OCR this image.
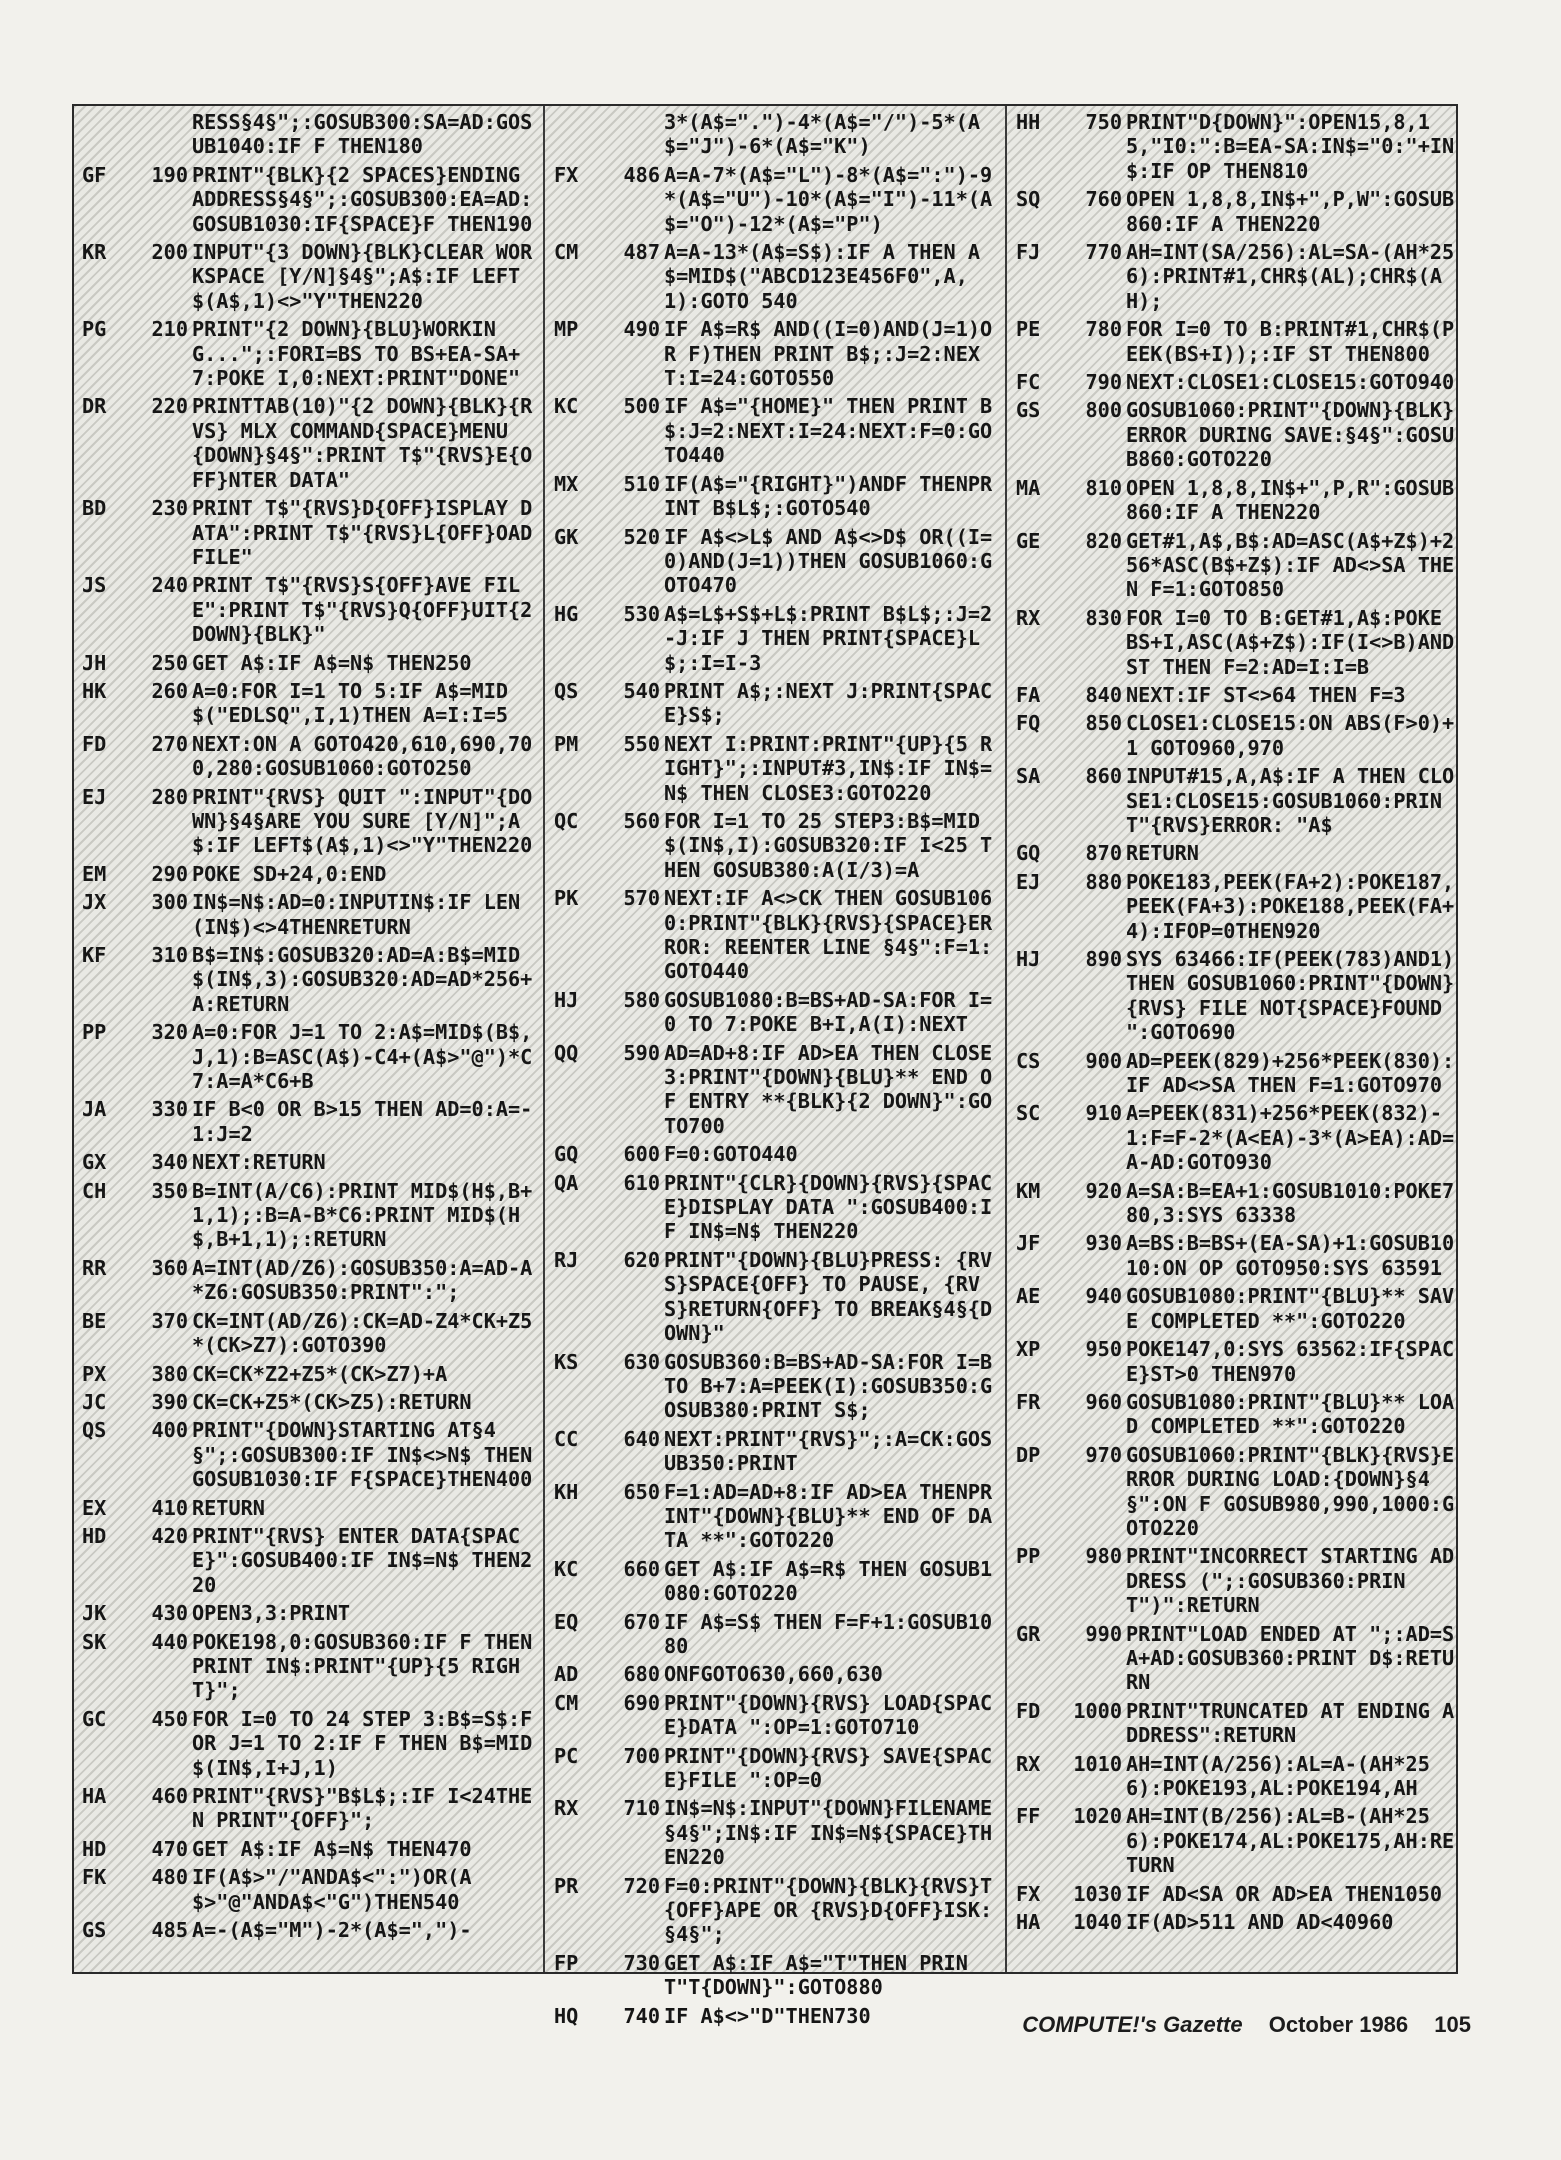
RESS§4§";:GOSUB300:SA=AD:GOSUB1040:IF F THEN180
GF	190 PRINT"{BLK}{2 SPACES}ENDING ADDRESS§4§";:GOSUB300:EA=AD:GOSUB1030:IF{SPACE}F THEN190
KR	200 INPUT"{3 DOWN}{BLK}CLEAR WORKSPACE [Y/N]§4§";A$:IF LEFT$(A$,1)<>"Y"THEN220
PG	210 PRINT"{2 DOWN}{BLU}WORKING...";:FORI=BS TO BS+EA-SA+7:POKE I,0:NEXT:PRINT"DONE"
DR	220 PRINTTAB(10)"{2 DOWN}{BLK}{RVS} MLX COMMAND{SPACE}MENU {DOWN}§4§":PRINT T$"{RVS}E{OFF}NTER DATA"
BD	230 PRINT T$"{RVS}D{OFF}ISPLAY DATA":PRINT T$"{RVS}L{OFF}OAD FILE"
JS	240 PRINT T$"{RVS}S{OFF}AVE FILE":PRINT T$"{RVS}Q{OFF}UIT{2 DOWN}{BLK}"
JH	250 GET A$:IF A$=N$ THEN250
HK	260 A=0:FOR I=1 TO 5:IF A$=MID$("EDLSQ",I,1)THEN A=I:I=5
FD	270 NEXT:ON A GOTO420,610,690,700,280:GOSUB1060:GOTO250
EJ	280 PRINT"{RVS} QUIT ":INPUT"{DOWN}§4§ARE YOU SURE [Y/N]";A$:IF LEFT$(A$,1)<>"Y"THEN220
EM	290 POKE SD+24,0:END
JX	300 IN$=N$:AD=0:INPUTIN$:IF LEN(IN$)<>4THENRETURN
KF	310 B$=IN$:GOSUB320:AD=A:B$=MID$(IN$,3):GOSUB320:AD=AD*256+A:RETURN
PP	320 A=0:FOR J=1 TO 2:A$=MID$(B$,J,1):B=ASC(A$)-C4+(A$>"@")*C7:A=A*C6+B
JA	330 IF B<0 OR B>15 THEN AD=0:A=-1:J=2
GX	340 NEXT:RETURN
CH	350 B=INT(A/C6):PRINT MID$(H$,B+1,1);:B=A-B*C6:PRINT MID$(H$,B+1,1);:RETURN
RR	360 A=INT(AD/Z6):GOSUB350:A=AD-A*Z6:GOSUB350:PRINT":";
BE	370 CK=INT(AD/Z6):CK=AD-Z4*CK+Z5*(CK>Z7):GOTO390
PX	380 CK=CK*Z2+Z5*(CK>Z7)+A
JC	390 CK=CK+Z5*(CK>Z5):RETURN
QS	400 PRINT"{DOWN}STARTING AT§4§";:GOSUB300:IF IN$<>N$ THEN GOSUB1030:IF F{SPACE}THEN400
EX	410 RETURN
HD	420 PRINT"{RVS} ENTER DATA{SPACE}":GOSUB400:IF IN$=N$ THEN220
JK	430 OPEN3,3:PRINT
SK	440 POKE198,0:GOSUB360:IF F THEN PRINT IN$:PRINT"{UP}{5 RIGHT}";
GC	450 FOR I=0 TO 24 STEP 3:B$=S$:FOR J=1 TO 2:IF F THEN B$=MID$(IN$,I+J,1)
HA	460 PRINT"{RVS}"B$L$;:IF I<24THEN PRINT"{OFF}";
HD	470 GET A$:IF A$=N$ THEN470
FK	480 IF(A$>"/"ANDA$<":")OR(A$>"@"ANDA$<"G")THEN540
GS	485 A=-(A$="M")-2*(A$=",")-
3*(A$=".")-4*(A$="/")-5*(A$="J")-6*(A$="K")
FX	486 A=A-7*(A$="L")-8*(A$=":")-9*(A$="U")-10*(A$="I")-11*(A$="O")-12*(A$="P")
CM	487 A=A-13*(A$=S$):IF A THEN A$=MID$("ABCD123E456F0",A,1):GOTO 540
MP	490 IF A$=R$ AND((I=0)AND(J=1)OR F)THEN PRINT B$;:J=2:NEXT:I=24:GOTO550
KC	500 IF A$="{HOME}" THEN PRINT B$:J=2:NEXT:I=24:NEXT:F=0:GOTO440
MX	510 IF(A$="{RIGHT}")ANDF THENPRINT B$L$;:GOTO540
GK	520 IF A$<>L$ AND A$<>D$ OR((I=0)AND(J=1))THEN GOSUB1060:GOTO470
HG	530 A$=L$+S$+L$:PRINT B$L$;:J=2-J:IF J THEN PRINT{SPACE}L$;:I=I-3
QS	540 PRINT A$;:NEXT J:PRINT{SPACE}S$;
PM	550 NEXT I:PRINT:PRINT"{UP}{5 RIGHT}";:INPUT#3,IN$:IF IN$=N$ THEN CLOSE3:GOTO220
QC	560 FOR I=1 TO 25 STEP3:B$=MID$(IN$,I):GOSUB320:IF I<25 THEN GOSUB380:A(I/3)=A
PK	570 NEXT:IF A<>CK THEN GOSUB1060:PRINT"{BLK}{RVS}{SPACE}ERROR: REENTER LINE §4§":F=1:GOTO440
HJ	580 GOSUB1080:B=BS+AD-SA:FOR I=0 TO 7:POKE B+I,A(I):NEXT
QQ	590 AD=AD+8:IF AD>EA THEN CLOSE3:PRINT"{DOWN}{BLU}** END OF ENTRY **{BLK}{2 DOWN}":GOTO700
GQ	600 F=0:GOTO440
QA	610 PRINT"{CLR}{DOWN}{RVS}{SPACE}DISPLAY DATA ":GOSUB400:IF IN$=N$ THEN220
RJ	620 PRINT"{DOWN}{BLU}PRESS: {RVS}SPACE{OFF} TO PAUSE, {RVS}RETURN{OFF} TO BREAK§4§{DOWN}"
KS	630 GOSUB360:B=BS+AD-SA:FOR I=BTO B+7:A=PEEK(I):GOSUB350:GOSUB380:PRINT S$;
CC	640 NEXT:PRINT"{RVS}";:A=CK:GOSUB350:PRINT
KH	650 F=1:AD=AD+8:IF AD>EA THENPRINT"{DOWN}{BLU}** END OF DATA **":GOTO220
KC	660 GET A$:IF A$=R$ THEN GOSUB1080:GOTO220
EQ	670 IF A$=S$ THEN F=F+1:GOSUB1080
AD	680 ONFGOTO630,660,630
CM	690 PRINT"{DOWN}{RVS} LOAD{SPACE}DATA ":OP=1:GOTO710
PC	700 PRINT"{DOWN}{RVS} SAVE{SPACE}FILE ":OP=0
RX	710 IN$=N$:INPUT"{DOWN}FILENAME§4§";IN$:IF IN$=N${SPACE}THEN220
PR	720 F=0:PRINT"{DOWN}{BLK}{RVS}T{OFF}APE OR {RVS}D{OFF}ISK: §4§";
FP	730 GET A$:IF A$="T"THEN PRINT"T{DOWN}":GOTO880
HQ	740 IF A$<>"D"THEN730
HH	750 PRINT"D{DOWN}":OPEN15,8,15,"I0:":B=EA-SA:IN$="0:"+IN$:IF OP THEN810
SQ	760 OPEN 1,8,8,IN$+",P,W":GOSUB860:IF A THEN220
FJ	770 AH=INT(SA/256):AL=SA-(AH*256):PRINT#1,CHR$(AL);CHR$(AH);
PE	780 FOR I=0 TO B:PRINT#1,CHR$(PEEK(BS+I));:IF ST THEN800
FC	790 NEXT:CLOSE1:CLOSE15:GOTO940
GS	800 GOSUB1060:PRINT"{DOWN}{BLK}ERROR DURING SAVE:§4§":GOSUB860:GOTO220
MA	810 OPEN 1,8,8,IN$+",P,R":GOSUB860:IF A THEN220
GE	820 GET#1,A$,B$:AD=ASC(A$+Z$)+256*ASC(B$+Z$):IF AD<>SA THEN F=1:GOTO850
RX	830 FOR I=0 TO B:GET#1,A$:POKE BS+I,ASC(A$+Z$):IF(I<>B)AND ST THEN F=2:AD=I:I=B
FA	840 NEXT:IF ST<>64 THEN F=3
FQ	850 CLOSE1:CLOSE15:ON ABS(F>0)+1 GOTO960,970
SA	860 INPUT#15,A,A$:IF A THEN CLOSE1:CLOSE15:GOSUB1060:PRINT"{RVS}ERROR: "A$
GQ	870 RETURN
EJ	880 POKE183,PEEK(FA+2):POKE187,PEEK(FA+3):POKE188,PEEK(FA+4):IFOP=0THEN920
HJ	890 SYS 63466:IF(PEEK(783)AND1)THEN GOSUB1060:PRINT"{DOWN}{RVS} FILE NOT{SPACE}FOUND ":GOTO690
CS	900 AD=PEEK(829)+256*PEEK(830):IF AD<>SA THEN F=1:GOTO970
SC	910 A=PEEK(831)+256*PEEK(832)-1:F=F-2*(A<EA)-3*(A>EA):AD=A-AD:GOTO930
KM	920 A=SA:B=EA+1:GOSUB1010:POKE780,3:SYS 63338
JF	930 A=BS:B=BS+(EA-SA)+1:GOSUB1010:ON OP GOTO950:SYS 63591
AE	940 GOSUB1080:PRINT"{BLU}** SAVE COMPLETED **":GOTO220
XP	950 POKE147,0:SYS 63562:IF{SPACE}ST>0 THEN970
FR	960 GOSUB1080:PRINT"{BLU}** LOAD COMPLETED **":GOTO220
DP	970 GOSUB1060:PRINT"{BLK}{RVS}ERROR DURING LOAD:{DOWN}§4§":ON F GOSUB980,990,1000:GOTO220
PP	980 PRINT"INCORRECT STARTING ADDRESS (";:GOSUB360:PRINT")":RETURN
GR	990 PRINT"LOAD ENDED AT ";:AD=SA+AD:GOSUB360:PRINT D$:RETURN
FD	1000 PRINT"TRUNCATED AT ENDING ADDRESS":RETURN
RX	1010 AH=INT(A/256):AL=A-(AH*256):POKE193,AL:POKE194,AH
FF	1020 AH=INT(B/256):AL=B-(AH*256):POKE174,AL:POKE175,AH:RETURN
FX	1030 IF AD<SA OR AD>EA THEN1050
HA	1040 IF(AD>511 AND AD<40960
COMPUTE!'s Gazette October 1986 105
